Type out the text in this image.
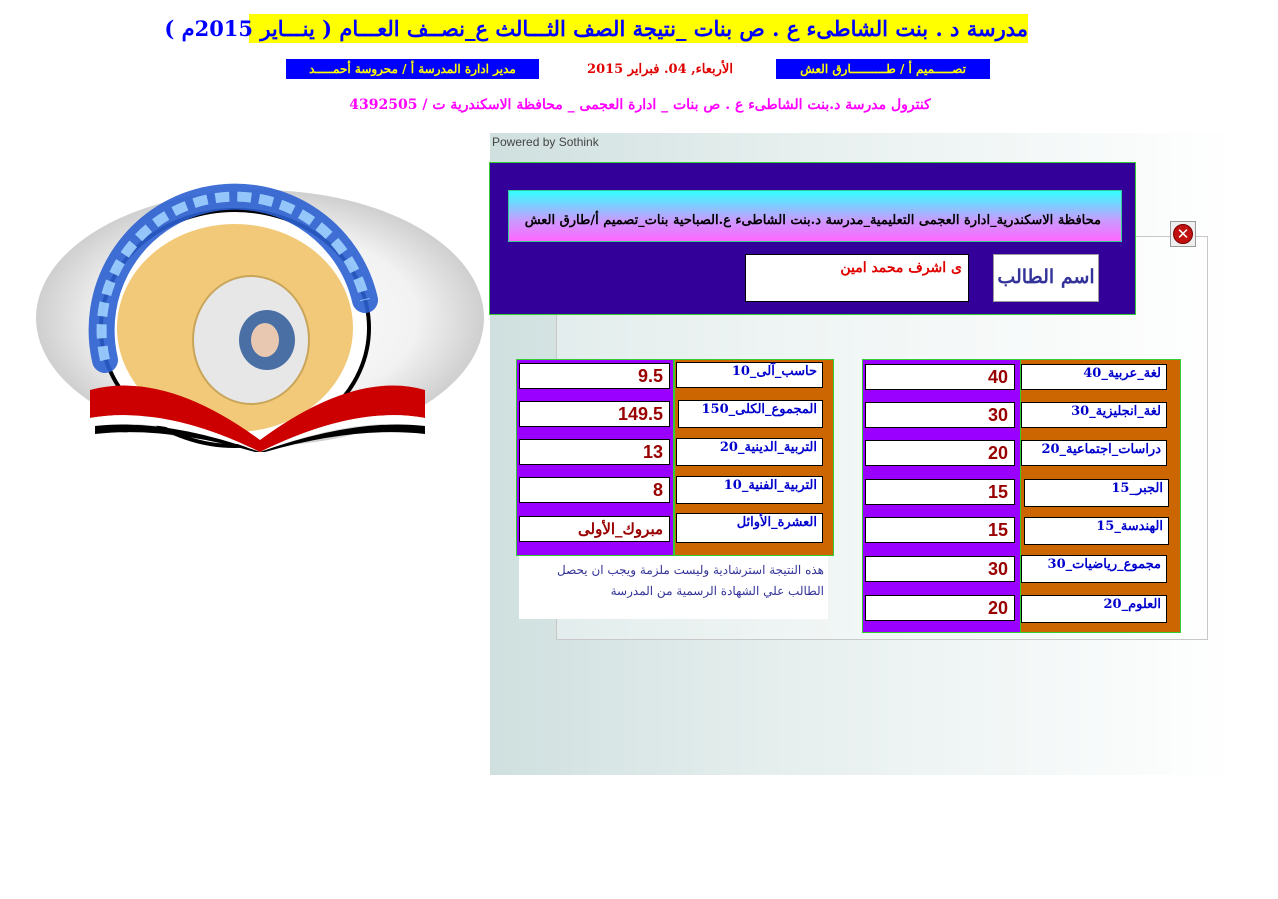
مدرسة د . بنت الشاطىء ع . ص بنات _نتيجة الصف الثـــالث ع_نصــف العـــام ( ينـــاير 2015م )
تصـــــميم أ / طــــــــــارق العش
الأربعاء, 04. فبراير 2015
مدير ادارة المدرسة أ / محروسة أحمـــــد
كنترول مدرسة د.بنت الشاطىء ع . ص بنات _ ادارة العجمى _ محافظة الاسكندرية ت / 4392505
Powered by Sothink
✕
محافظة الاسكندرية_ادارة العجمى التعليمية_مدرسة د.بنت الشاطىء ع.الصباحية بنات_تصميم أ/طارق العش
اسم الطالب
ى اشرف محمد امين
لغة_عربية_40
40
لغة_انجليزية_30
30
دراسات_اجتماعية_20
20
الجبر_15
15
الهندسة_15
15
مجموع_رياضيات_30
30
العلوم_20
20
حاسب_آلى_10
9.5
المجموع_الكلى_150
149.5
التربية_الدينية_20
13
التربية_الفنية_10
8
العشرة_الأوائل
مبروك_الأولى
هذه النتيجة استرشادية وليست ملزمة ويجب ان يحصل الطالب علي الشهادة الرسمية من المدرسة
